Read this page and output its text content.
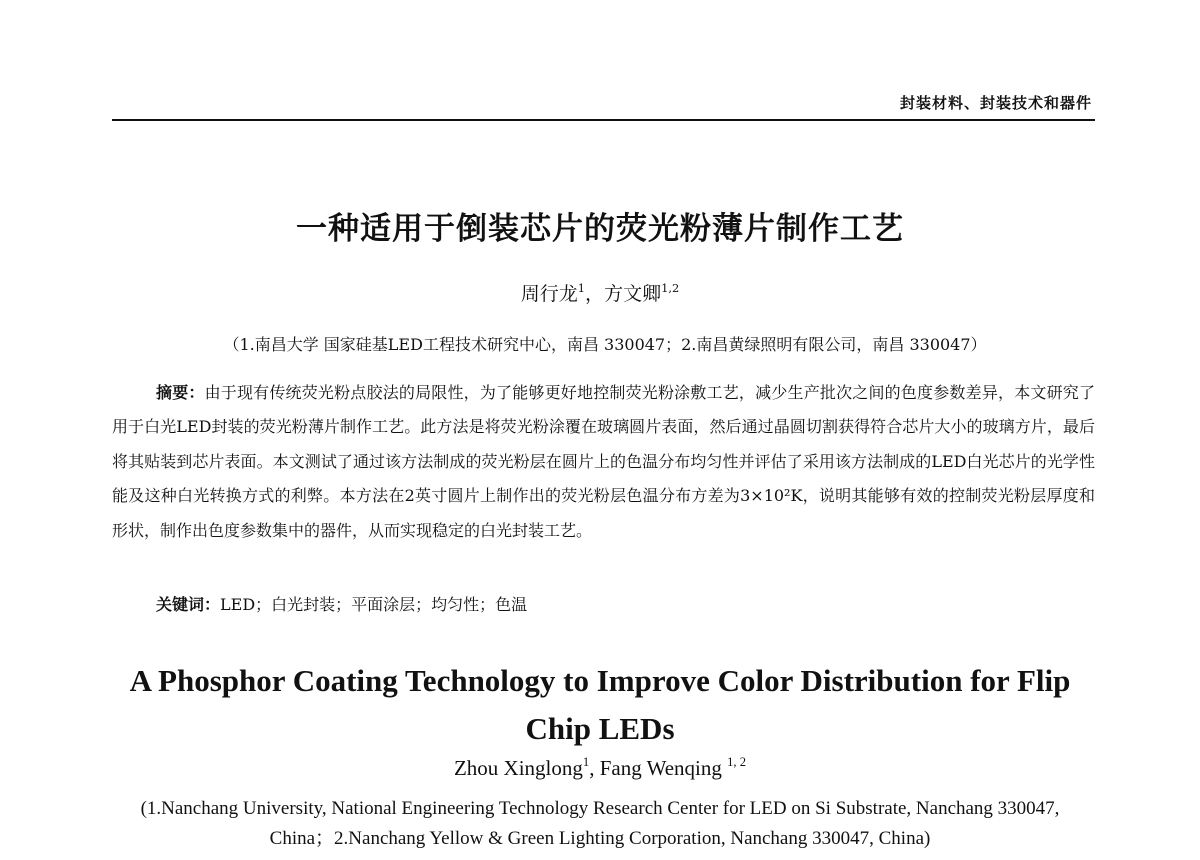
封装材料、封装技术和器件
一种适用于倒装芯片的荧光粉薄片制作工艺
周行龙$^1$，方文卿$^{1,2}$
（1.南昌大学 国家硅基LED工程技术研究中心，南昌 330047；2.南昌黄绿照明有限公司，南昌 330047）

摘要：由于现有传统荧光粉点胶法的局限性，为了能够更好地控制荧光粉涂敷工艺，减少生产批次之间的色度参数差异，本文研究了用于白光LED封装的荧光粉薄片制作工艺。此方法是将荧光粉涂覆在玻璃圆片表面，然后通过晶圆切割获得符合芯片大小的玻璃方片，最后将其贴装到芯片表面。本文测试了通过该方法制成的荧光粉层在圆片上的色温分布均匀性并评估了采用该方法制成的LED白光芯片的光学性能及这种白光转换方式的利弊。本方法在2英寸圆片上制作出的荧光粉层色温分布方差为3×10²K，说明其能够有效的控制荧光粉层厚度和形状，制作出色度参数集中的器件，从而实现稳定的白光封装工艺。

关键词：LED；白光封装；平面涂层；均匀性；色温
A Phosphor Coating Technology to Improve Color Distribution for Flip Chip LEDs
Zhou Xinglong$^1$, Fang Wenqing $^{1, 2}$
(1.Nanchang University, National Engineering Technology Research Center for LED on Si Substrate, Nanchang 330047, China；2.Nanchang Yellow & Green Lighting Corporation, Nanchang 330047, China)
